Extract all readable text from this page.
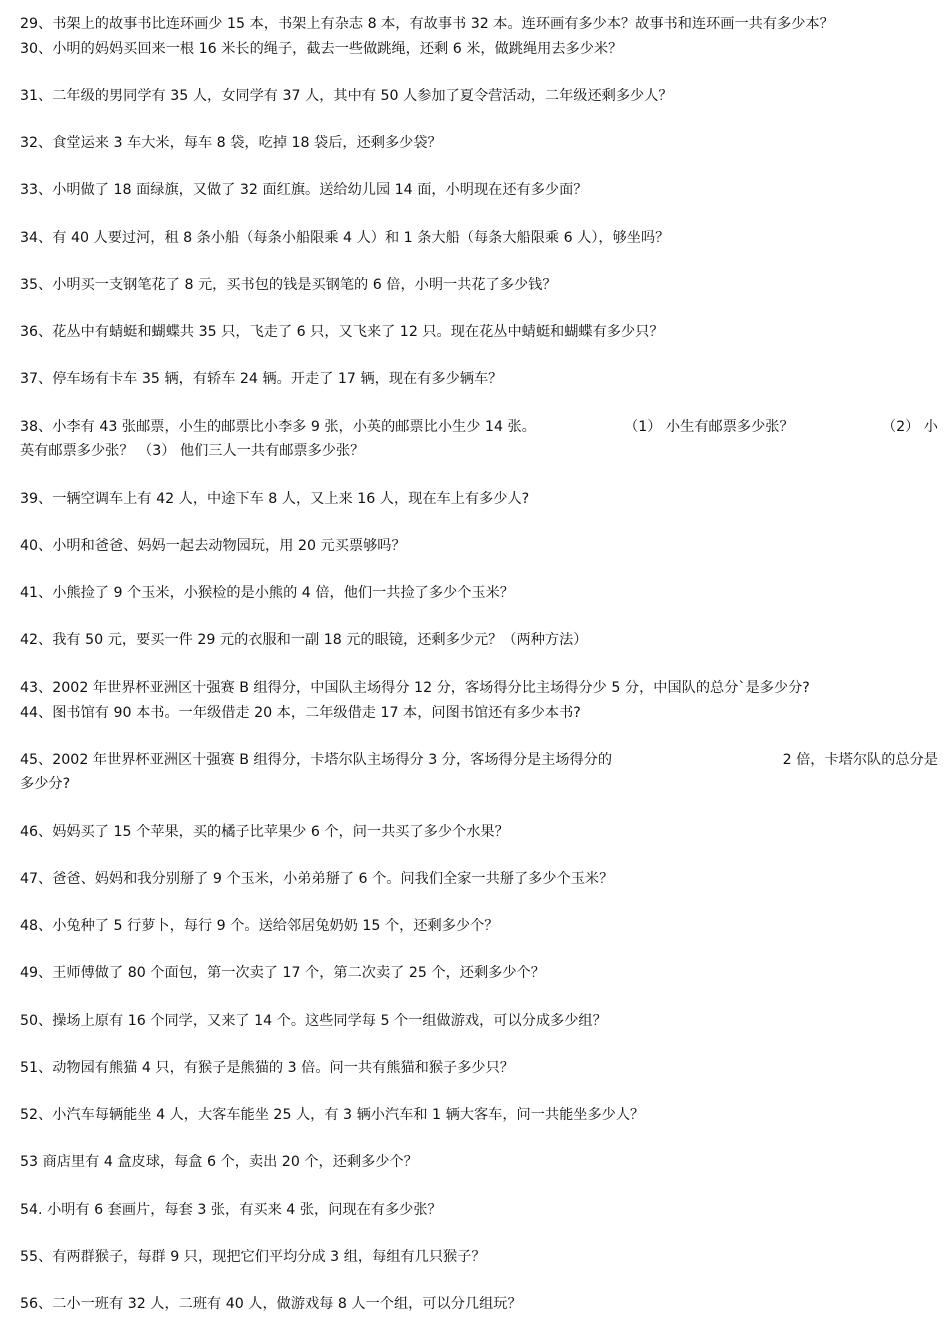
29、书架上的故事书比连环画少 15 本，书架上有杂志 8 本，有故事书 32 本。连环画有多少本？故事书和连环画一共有多少本？
30、小明的妈妈买回来一根 16 米长的绳子，截去一些做跳绳，还剩 6 米，做跳绳用去多少米？
31、二年级的男同学有 35 人，女同学有 37 人，其中有 50 人参加了夏令营活动，二年级还剩多少人？
32、食堂运来 3 车大米，每车 8 袋，吃掉 18 袋后，还剩多少袋？
33、小明做了 18 面绿旗，又做了 32 面红旗。送给幼儿园 14 面，小明现在还有多少面？
34、有 40 人要过河，租 8 条小船（每条小船限乘 4 人）和 1 条大船（每条大船限乘 6 人），够坐吗？
35、小明买一支钢笔花了 8 元，买书包的钱是买钢笔的 6 倍，小明一共花了多少钱？
36、花丛中有蜻蜓和蝴蝶共 35 只，飞走了 6 只，又飞来了 12 只。现在花丛中蜻蜓和蝴蝶有多少只？
37、停车场有卡车 35 辆，有轿车 24 辆。开走了 17 辆，现在有多少辆车？
38、小李有 43 张邮票，小生的邮票比小李多 9 张，小英的邮票比小生少 14 张。	（1） 小生有邮票多少张？	（2） 小
英有邮票多少张？ （3） 他们三人一共有邮票多少张？
39、一辆空调车上有 42 人，中途下车 8 人，又上来 16 人，现在车上有多少人?
40、小明和爸爸、妈妈一起去动物园玩，用 20 元买票够吗？
41、小熊捡了 9 个玉米，小猴检的是小熊的 4 倍，他们一共捡了多少个玉米？
42、我有 50 元，要买一件 29 元的衣服和一副 18 元的眼镜，还剩多少元？（两种方法）
43、2002 年世界杯亚洲区十强赛 B 组得分，中国队主场得分 12 分，客场得分比主场得分少 5 分，中国队的总分`是多少分?
44、图书馆有 90 本书。一年级借走 20 本，二年级借走 17 本，问图书馆还有多少本书?
45、2002 年世界杯亚洲区十强赛 B 组得分，卡塔尔队主场得分 3 分，客场得分是主场得分的	2 倍，卡塔尔队的总分是
多少分?
46、妈妈买了 15 个苹果，买的橘子比苹果少 6 个，问一共买了多少个水果？
47、爸爸、妈妈和我分别掰了 9 个玉米，小弟弟掰了 6 个。问我们全家一共掰了多少个玉米？
48、小兔种了 5 行萝卜，每行 9 个。送给邻居兔奶奶 15 个，还剩多少个？
49、王师傅做了 80 个面包，第一次卖了 17 个，第二次卖了 25 个，还剩多少个？
50、操场上原有 16 个同学，又来了 14 个。这些同学每 5 个一组做游戏，可以分成多少组？
51、动物园有熊猫 4 只，有猴子是熊猫的 3 倍。问一共有熊猫和猴子多少只？
52、小汽车每辆能坐 4 人，大客车能坐 25 人，有 3 辆小汽车和 1 辆大客车，问一共能坐多少人？
53 商店里有 4 盒皮球，每盒 6 个，卖出 20 个，还剩多少个？
54. 小明有 6 套画片，每套 3 张，有买来 4 张，问现在有多少张？
55、有两群猴子，每群 9 只，现把它们平均分成 3 组，每组有几只猴子？
56、二小一班有 32 人，二班有 40 人，做游戏每 8 人一个组，可以分几组玩？
